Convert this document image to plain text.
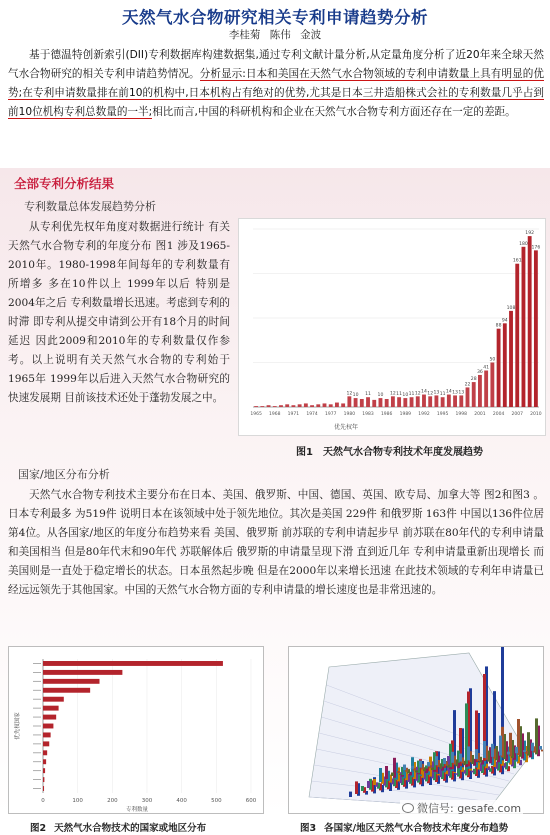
天然气水合物研究相关专利申请趋势分析
李桂菊 陈伟 金波
基于德温特创新索引(DII)专利数据库构建数据集,通过专利文献计量分析,从定量角度分析了近20年来全球天然气水合物研究的相关专利申请趋势情况。分析显示:日本和美国在天然气水合物领域的专利申请数量上具有明显的优势;在专利申请数量排在前10的机构中,日本机构占有绝对的优势,尤其是日本三井造船株式会社的专利数量几乎占到前10位机构专利总数量的一半;相比而言,中国的科研机构和企业在天然气水合物专利方面还存在一定的差距。
全部专利分析结果
专利数量总体发展趋势分析
从专利优先权年角度对数据进行统计 有关天然气水合物专利的年度分布 图1 涉及1965-2010年。1980-1998年间每年的专利数量有所增多 多在10件以上 1999年以后 特别是2004年之后 专利数量增长迅速。考虑到专利的时滞 即专利从提交申请到公开有18个月的时间延迟 因此2009和2010年的专利数量仅作参考。以上说明有关天然气水合物的专利始于1965年 1999年以后进入天然气水合物研究的快速发展期 目前该技术还处于蓬勃发展之中。	12 10 11 10 12 11 10 11 12 14 12 13 11
14 13 13
22
28
36
41
50
88
94
108
161
180
192
176
1965 1968 1971 1974 1977 1980 1983 1986 1989 1992 1995 1998 2001 2004 2007 2010
优先权年
图1 天然气水合物专利技术年度发展趋势
国家/地区分布分析
天然气水合物专利技术主要分布在日本、美国、俄罗斯、中国、德国、英国、欧专局、加拿大等 图2和图3 。日本专利最多 为519件 说明日本在该领域中处于领先地位。其次是美国 229件 和俄罗斯 163件 中国以136件位居第4位。从各国家/地区的年度分布趋势来看 美国、俄罗斯 前苏联的专利申请起步早 前苏联在80年代的专利申请量和美国相当 但是80年代末和90年代 苏联解体后 俄罗斯的申请量呈现下滑 直到近几年 专利申请量重新出现增长 而美国则是一直处于稳定增长的状态。日本虽然起步晚 但是在2000年以来增长迅速 在此技术领域的专利年申请量已经远远领先于其他国家。中国的天然气水合物方面的专利申请量的增长速度也是非常迅速的。
0	100	200	300	400	500	600
专利数量
优先权国家
图2 天然气水合物技术的国家或地区分布	图3 各国家/地区天然气水合物技术年度分布趋势
微信号: gesafe.com
